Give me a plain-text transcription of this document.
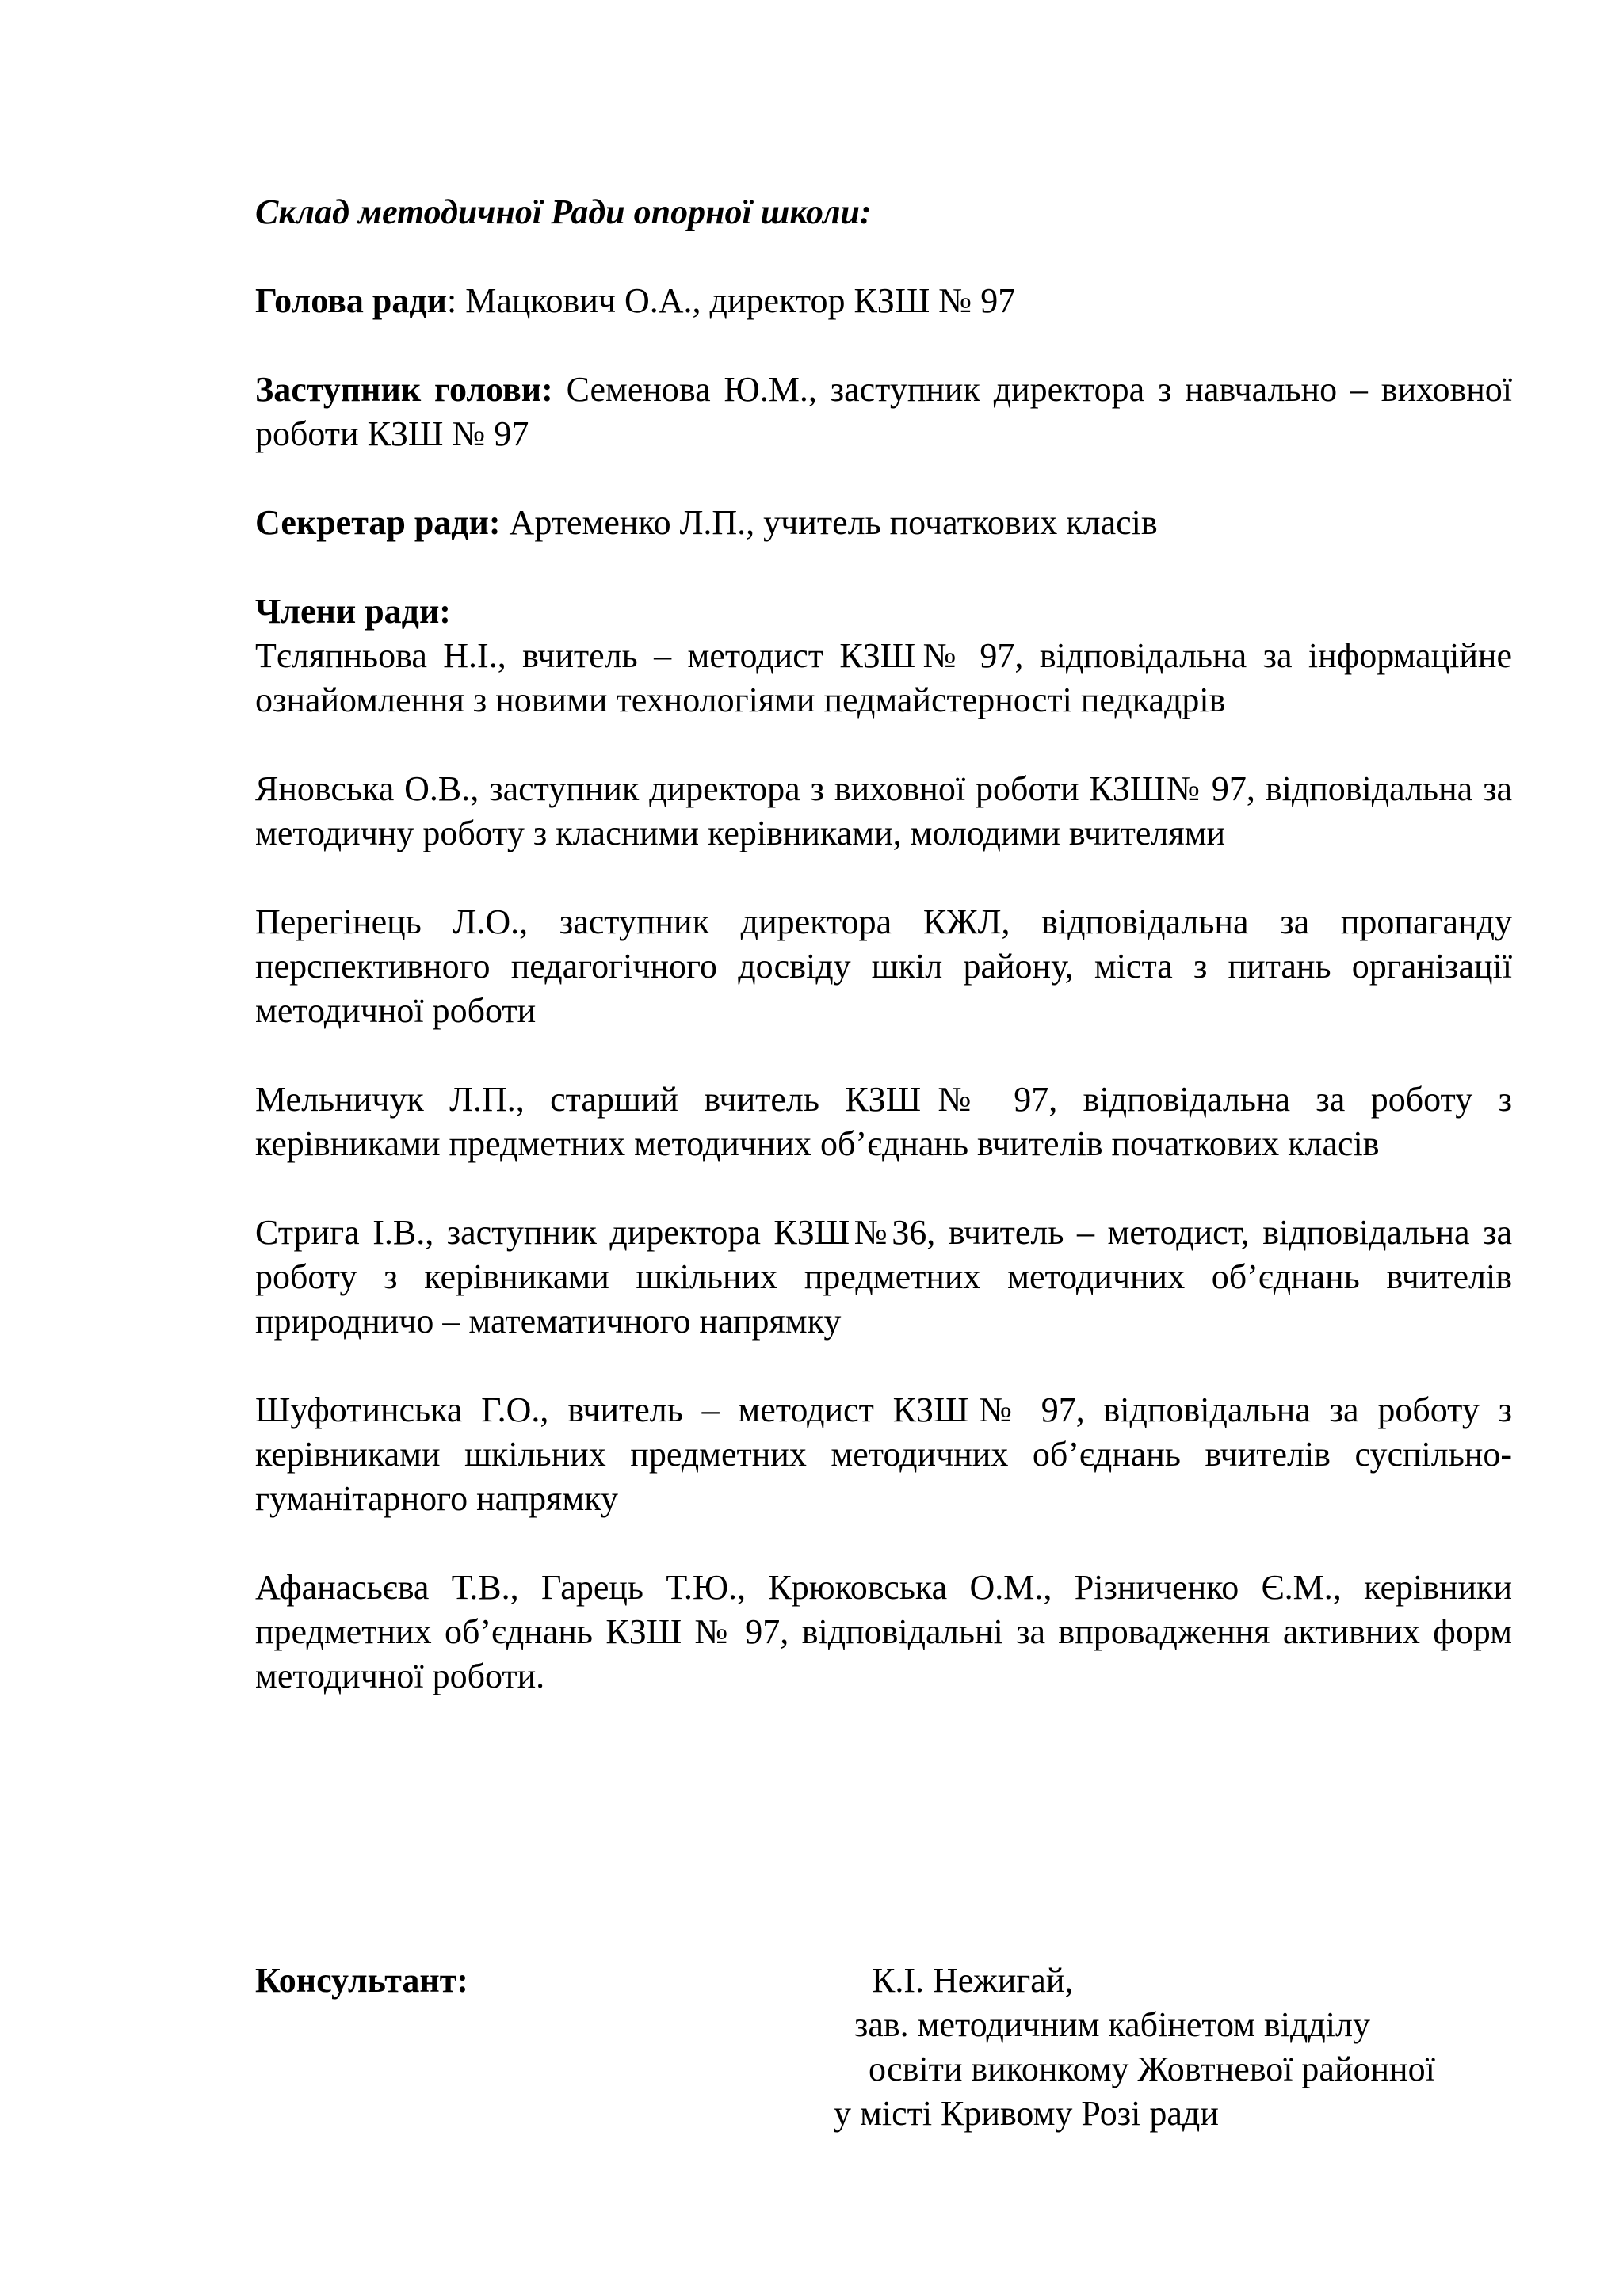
Склад методичної Ради опорної школи:

Голова ради: Мацкович О.А., директор КЗШ № 97

Заступник голови: Семенова Ю.М., заступник директора з навчально – виховної роботи КЗШ № 97

Секретар ради: Артеменко Л.П., учитель початкових класів

Члени ради:

Тєляпньова Н.І., вчитель – методист КЗШ№ 97, відповідальна за інформаційне ознайомлення з новими технологіями педмайстерності педкадрів

Яновська О.В., заступник директора з виховної роботи КЗШ№ 97, відповідальна за методичну роботу з класними керівниками, молодими вчителями

Перегінець Л.О., заступник директора КЖЛ, відповідальна за пропаганду перспективного педагогічного досвіду шкіл району, міста з питань організації методичної роботи

Мельничук Л.П., старший вчитель КЗШ№ 97, відповідальна за роботу з керівниками предметних методичних об’єднань вчителів початкових класів

Стрига І.В., заступник директора КЗШ№36, вчитель – методист, відповідальна за роботу з керівниками шкільних предметних методичних об’єднань вчителів природничо – математичного напрямку

Шуфотинська Г.О., вчитель – методист КЗШ№ 97, відповідальна за роботу з керівниками шкільних предметних методичних об’єднань вчителів суспільно-гуманітарного напрямку

Афанасьєва Т.В., Гарець Т.Ю., Крюковська О.М., Різниченко Є.М., керівники предметних об’єднань КЗШ № 97, відповідальні за впровадження активних форм методичної роботи.

Консультант:	К.І. Нежигай,
зав. методичним кабінетом відділу
освіти виконкому Жовтневої районної
у місті Кривому Розі ради
